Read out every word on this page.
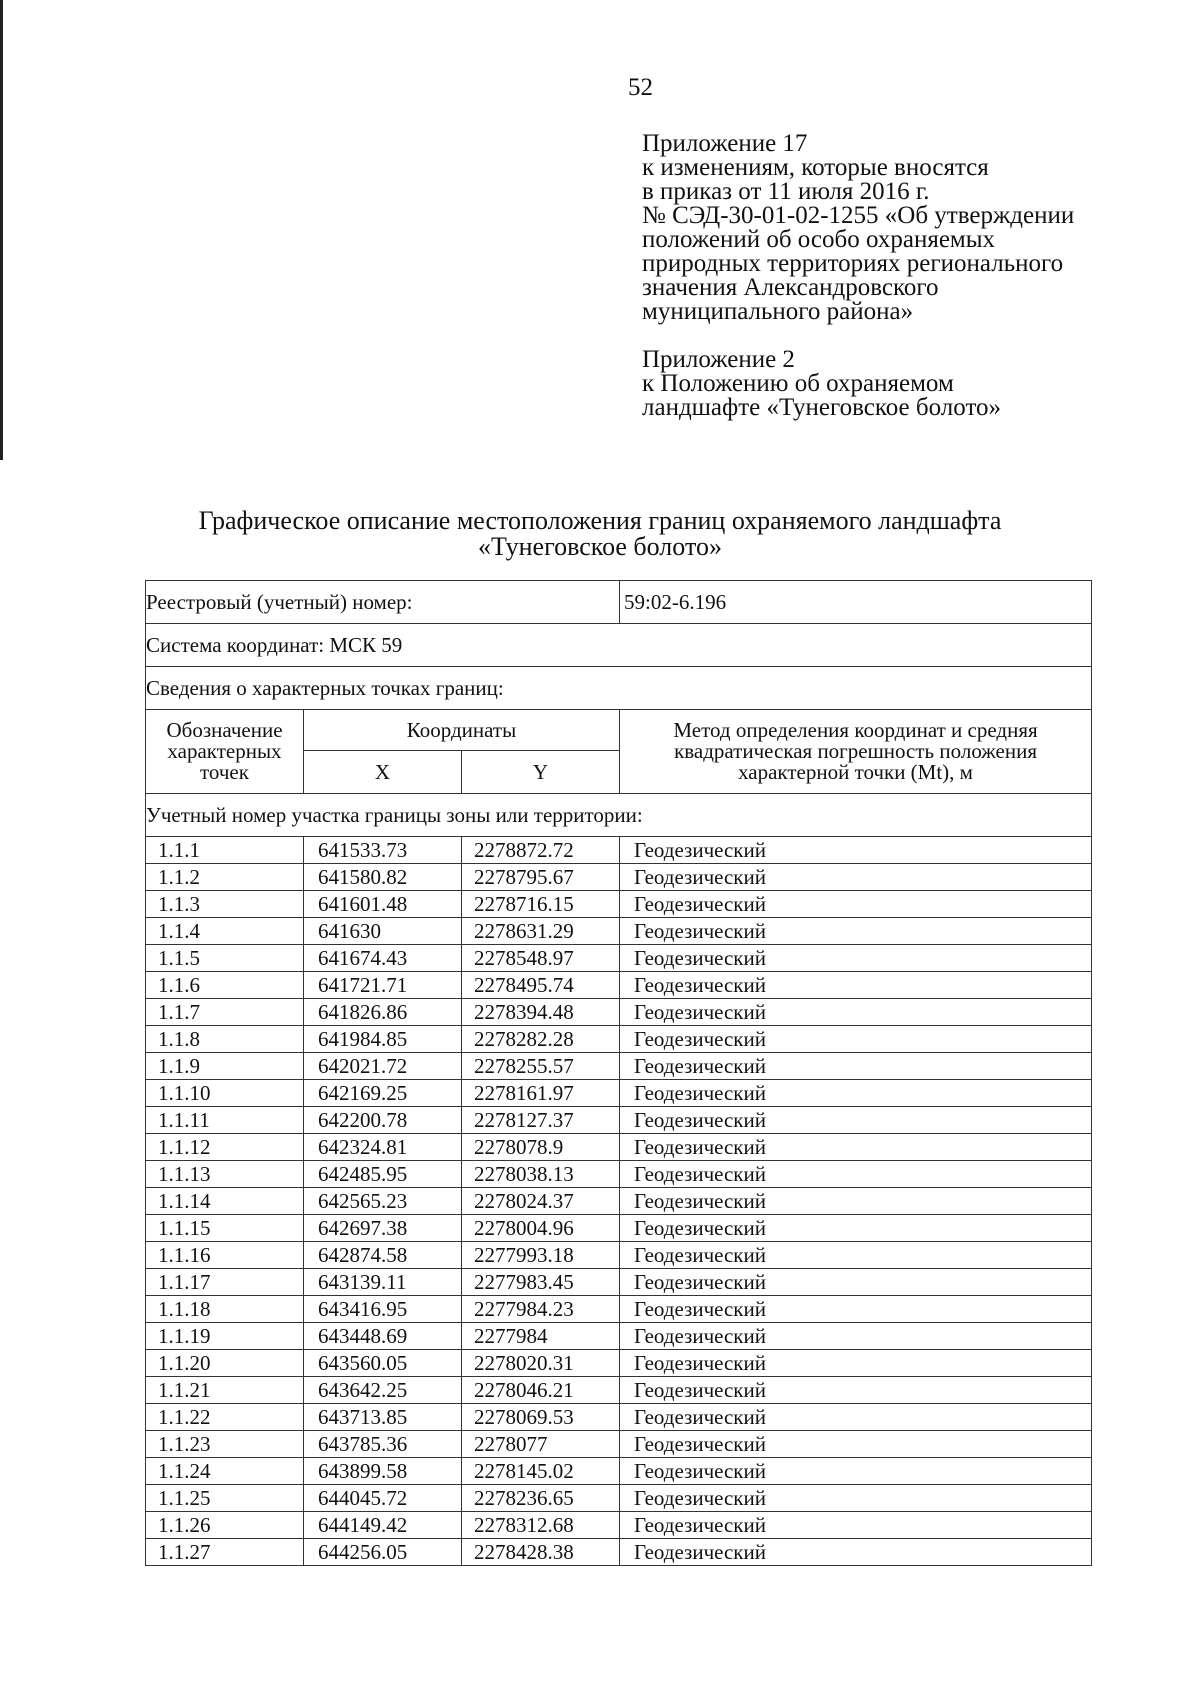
52
Приложение 17
к изменениям, которые вносятся
в приказ от 11 июля 2016 г.
№ СЭД-30-01-02-1255 «Об утверждении
положений об особо охраняемых
природных территориях регионального
значения Александровского
муниципального района»
Приложение 2
к Положению об охраняемом
ландшафте «Тунеговское болото»
Графическое описание местоположения границ охраняемого ландшафта
«Тунеговское болото»
Реестровый (учетный) номер:			59:02-6.196
Система координат: МСК 59			
Сведения о характерных точках границ:			
Обозначение характерных точек	Координаты		Метод определения координат и средняя квадратическая погрешность положения характерной точки (Mt), м
	X	Y	
Учетный номер участка границы зоны или территории:			
1.1.1	641533.73	2278872.72	Геодезический
1.1.2	641580.82	2278795.67	Геодезический
1.1.3	641601.48	2278716.15	Геодезический
1.1.4	641630	2278631.29	Геодезический
1.1.5	641674.43	2278548.97	Геодезический
1.1.6	641721.71	2278495.74	Геодезический
1.1.7	641826.86	2278394.48	Геодезический
1.1.8	641984.85	2278282.28	Геодезический
1.1.9	642021.72	2278255.57	Геодезический
1.1.10	642169.25	2278161.97	Геодезический
1.1.11	642200.78	2278127.37	Геодезический
1.1.12	642324.81	2278078.9	Геодезический
1.1.13	642485.95	2278038.13	Геодезический
1.1.14	642565.23	2278024.37	Геодезический
1.1.15	642697.38	2278004.96	Геодезический
1.1.16	642874.58	2277993.18	Геодезический
1.1.17	643139.11	2277983.45	Геодезический
1.1.18	643416.95	2277984.23	Геодезический
1.1.19	643448.69	2277984	Геодезический
1.1.20	643560.05	2278020.31	Геодезический
1.1.21	643642.25	2278046.21	Геодезический
1.1.22	643713.85	2278069.53	Геодезический
1.1.23	643785.36	2278077	Геодезический
1.1.24	643899.58	2278145.02	Геодезический
1.1.25	644045.72	2278236.65	Геодезический
1.1.26	644149.42	2278312.68	Геодезический
1.1.27	644256.05	2278428.38	Геодезический
